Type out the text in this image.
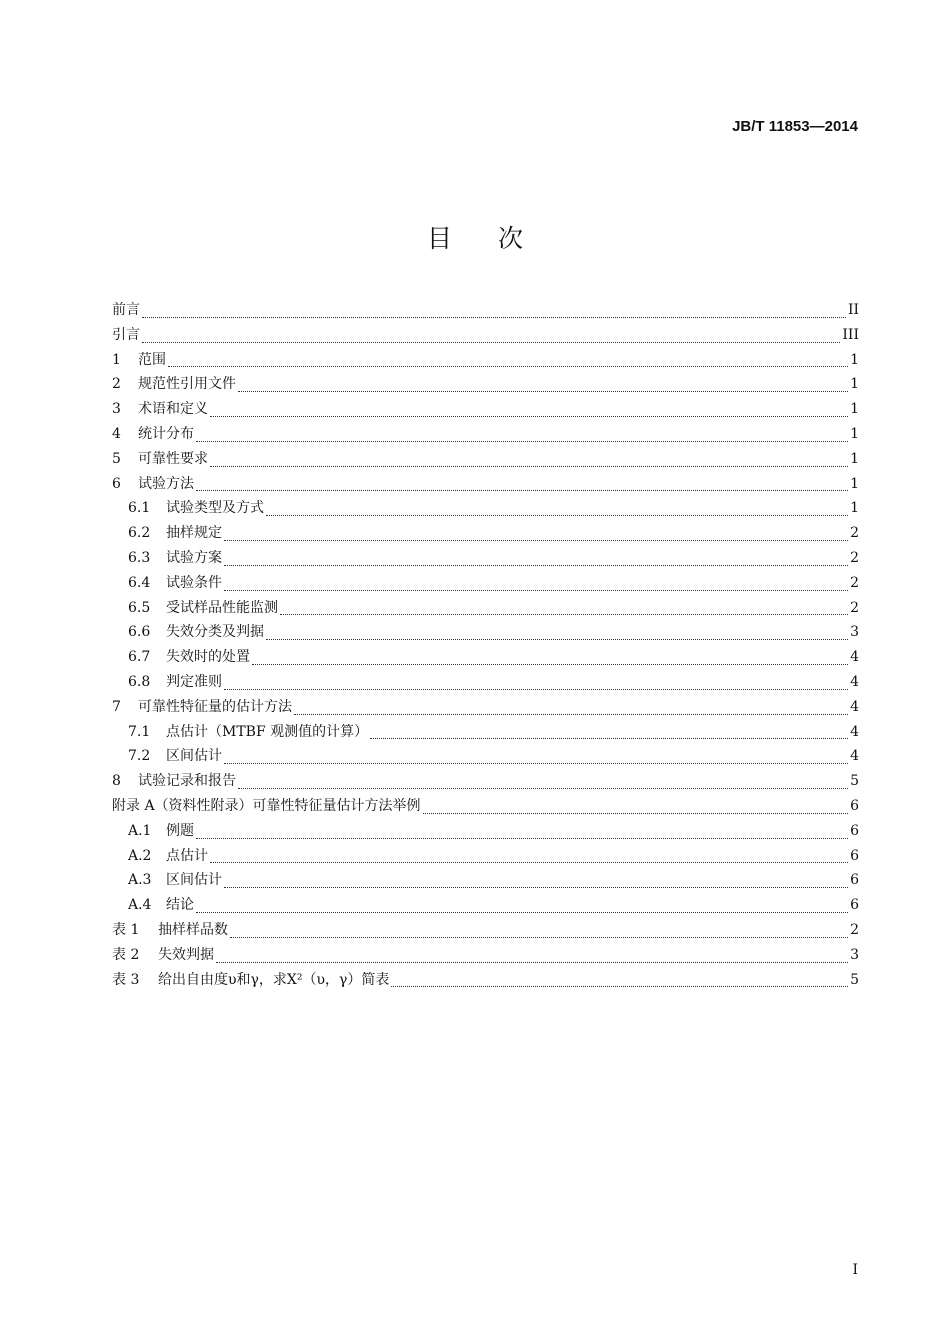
JB/T 11853—2014
目次
前言	II
引言	III
1	范围	1
2	规范性引用文件	1
3	术语和定义	1
4	统计分布	1
5	可靠性要求	1
6	试验方法	1
6.1	试验类型及方式	1
6.2	抽样规定	2
6.3	试验方案	2
6.4	试验条件	2
6.5	受试样品性能监测	2
6.6	失效分类及判据	3
6.7	失效时的处置	4
6.8	判定准则	4
7	可靠性特征量的估计方法	4
7.1	点估计（MTBF 观测值的计算）	4
7.2	区间估计	4
8	试验记录和报告	5
附录 A（资料性附录）可靠性特征量估计方法举例	6
A.1	例题	6
A.2	点估计	6
A.3	区间估计	6
A.4	结论	6
表 1	抽样样品数	2
表 2	失效判据	3
表 3	给出自由度υ和γ，求X²（υ，γ）简表	5
I
